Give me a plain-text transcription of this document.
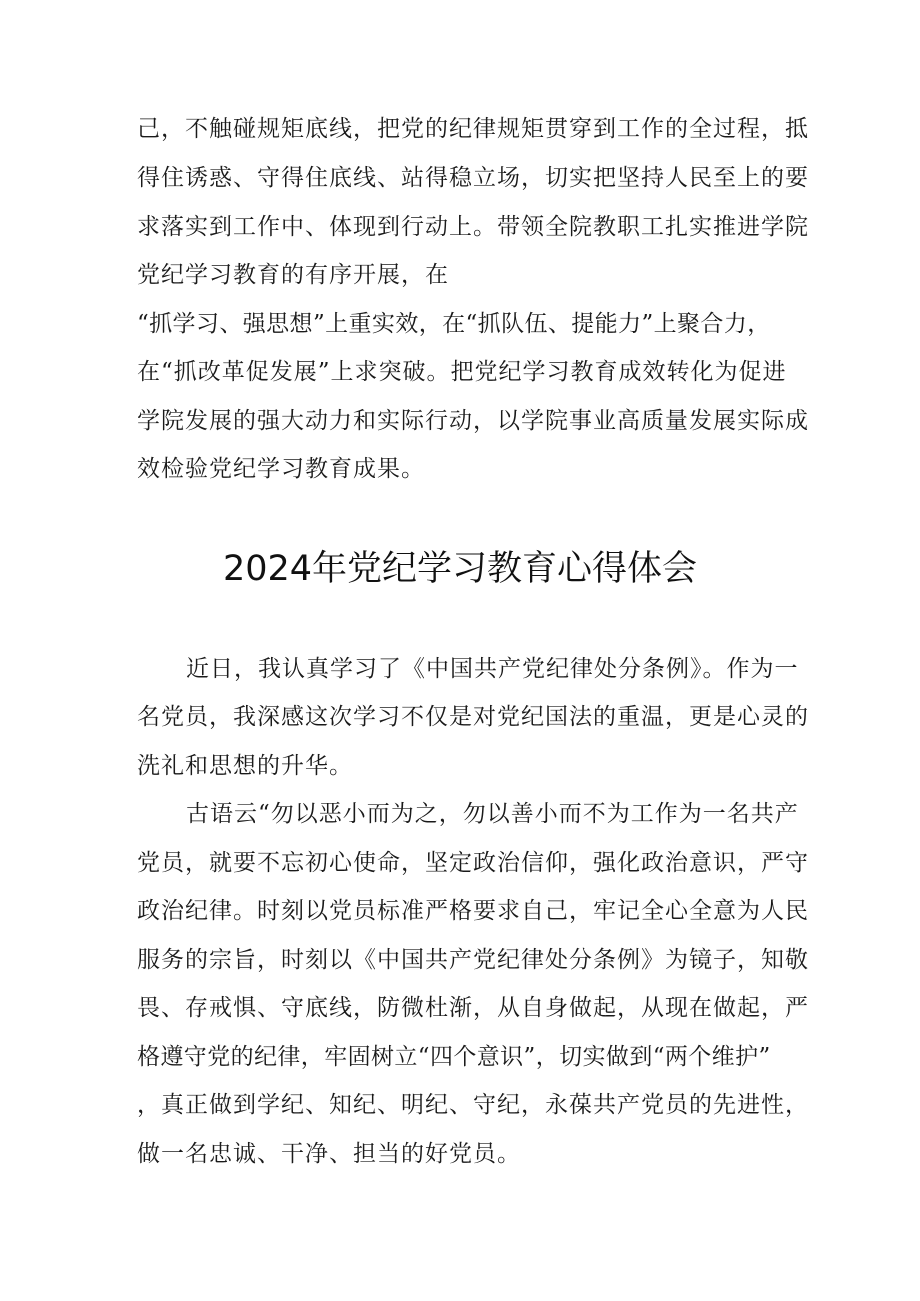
己，不触碰规矩底线，把党的纪律规矩贯穿到工作的全过程，抵
得住诱惑、守得住底线、站得稳立场，切实把坚持人民至上的要
求落实到工作中、体现到行动上。带领全院教职工扎实推进学院
党纪学习教育的有序开展，在
“抓学习、强思想”上重实效，在“抓队伍、提能力”上聚合力，
在“抓改革促发展”上求突破。把党纪学习教育成效转化为促进
学院发展的强大动力和实际行动，以学院事业高质量发展实际成
效检验党纪学习教育成果。
2024年党纪学习教育心得体会
近日，我认真学习了《中国共产党纪律处分条例》。作为一
名党员，我深感这次学习不仅是对党纪国法的重温，更是心灵的
洗礼和思想的升华。
古语云“勿以恶小而为之，勿以善小而不为工作为一名共产
党员，就要不忘初心使命，坚定政治信仰，强化政治意识，严守
政治纪律。时刻以党员标准严格要求自己，牢记全心全意为人民
服务的宗旨，时刻以《中国共产党纪律处分条例》为镜子，知敬
畏、存戒惧、守底线，防微杜渐，从自身做起，从现在做起，严
格遵守党的纪律，牢固树立“四个意识”，切实做到“两个维护”
，真正做到学纪、知纪、明纪、守纪，永葆共产党员的先进性，
做一名忠诚、干净、担当的好党员。
